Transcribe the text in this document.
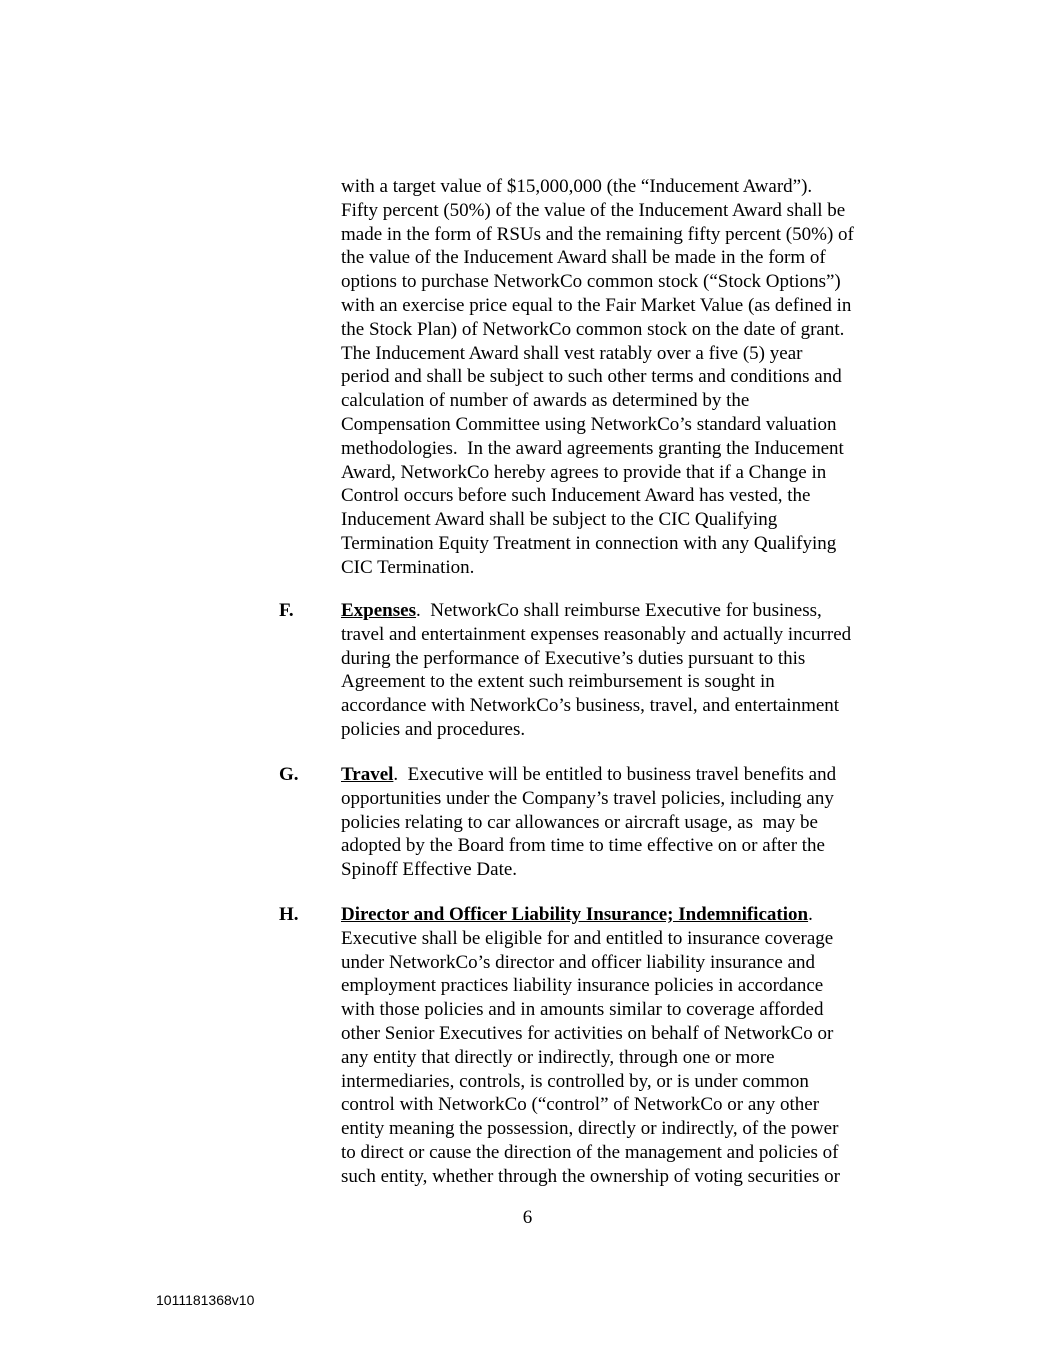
with a target value of $15,000,000 (the “Inducement Award”).
Fifty percent (50%) of the value of the Inducement Award shall be
made in the form of RSUs and the remaining fifty percent (50%) of
the value of the Inducement Award shall be made in the form of
options to purchase NetworkCo common stock (“Stock Options”)
with an exercise price equal to the Fair Market Value (as defined in
the Stock Plan) of NetworkCo common stock on the date of grant.
The Inducement Award shall vest ratably over a five (5) year
period and shall be subject to such other terms and conditions and
calculation of number of awards as determined by the
Compensation Committee using NetworkCo’s standard valuation
methodologies.  In the award agreements granting the Inducement
Award, NetworkCo hereby agrees to provide that if a Change in
Control occurs before such Inducement Award has vested, the
Inducement Award shall be subject to the CIC Qualifying
Termination Equity Treatment in connection with any Qualifying
CIC Termination.
F. Expenses.  NetworkCo shall reimburse Executive for business,
travel and entertainment expenses reasonably and actually incurred
during the performance of Executive’s duties pursuant to this
Agreement to the extent such reimbursement is sought in
accordance with NetworkCo’s business, travel, and entertainment
policies and procedures.
G. Travel.  Executive will be entitled to business travel benefits and
opportunities under the Company’s travel policies, including any
policies relating to car allowances or aircraft usage, as  may be
adopted by the Board from time to time effective on or after the
Spinoff Effective Date.
H. Director and Officer Liability Insurance; Indemnification.
Executive shall be eligible for and entitled to insurance coverage
under NetworkCo’s director and officer liability insurance and
employment practices liability insurance policies in accordance
with those policies and in amounts similar to coverage afforded
other Senior Executives for activities on behalf of NetworkCo or
any entity that directly or indirectly, through one or more
intermediaries, controls, is controlled by, or is under common
control with NetworkCo (“control” of NetworkCo or any other
entity meaning the possession, directly or indirectly, of the power
to direct or cause the direction of the management and policies of
such entity, whether through the ownership of voting securities or
6
1011181368v10
